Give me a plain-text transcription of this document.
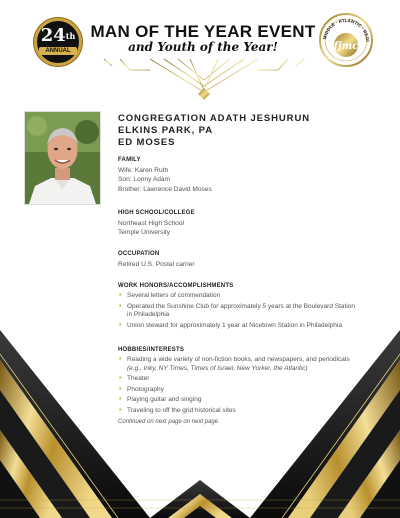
24th
ANNUAL
MAN OF THE YEAR EVENT
and Youth of the Year!
MIDDLE · ATLANTIC · REGI
fjmc
CONGREGATION ADATH JESHURUN
ELKINS PARK, PA
ED MOSES
FAMILY
Wife: Karen Ruth
Son: Lonny Adam
Brother: Lawrence David Moses
HIGH SCHOOL/COLLEGE
Northeast High School
Temple University
OCCUPATION
Retired U.S. Postal carrier
WORK HONORS/ACCOMPLISHMENTS
• Several letters of commendation
• Operated the Sunshine Club for approximately 5 years at the Boulevard Station
in Philadelphia
• Union steward for approximately 1 year at Nicetown Station in Philadelphia
HOBBIES/INTERESTS
• Reading a wide variety of non-fiction books, and newspapers, and periodicals
(e.g., Inky, NY Times, Times of Israel, New Yorker, the Atlantic)
• Theater
• Photography
• Playing guitar and singing
• Traveling to off the grid historical sites
Continued on next page on next page
